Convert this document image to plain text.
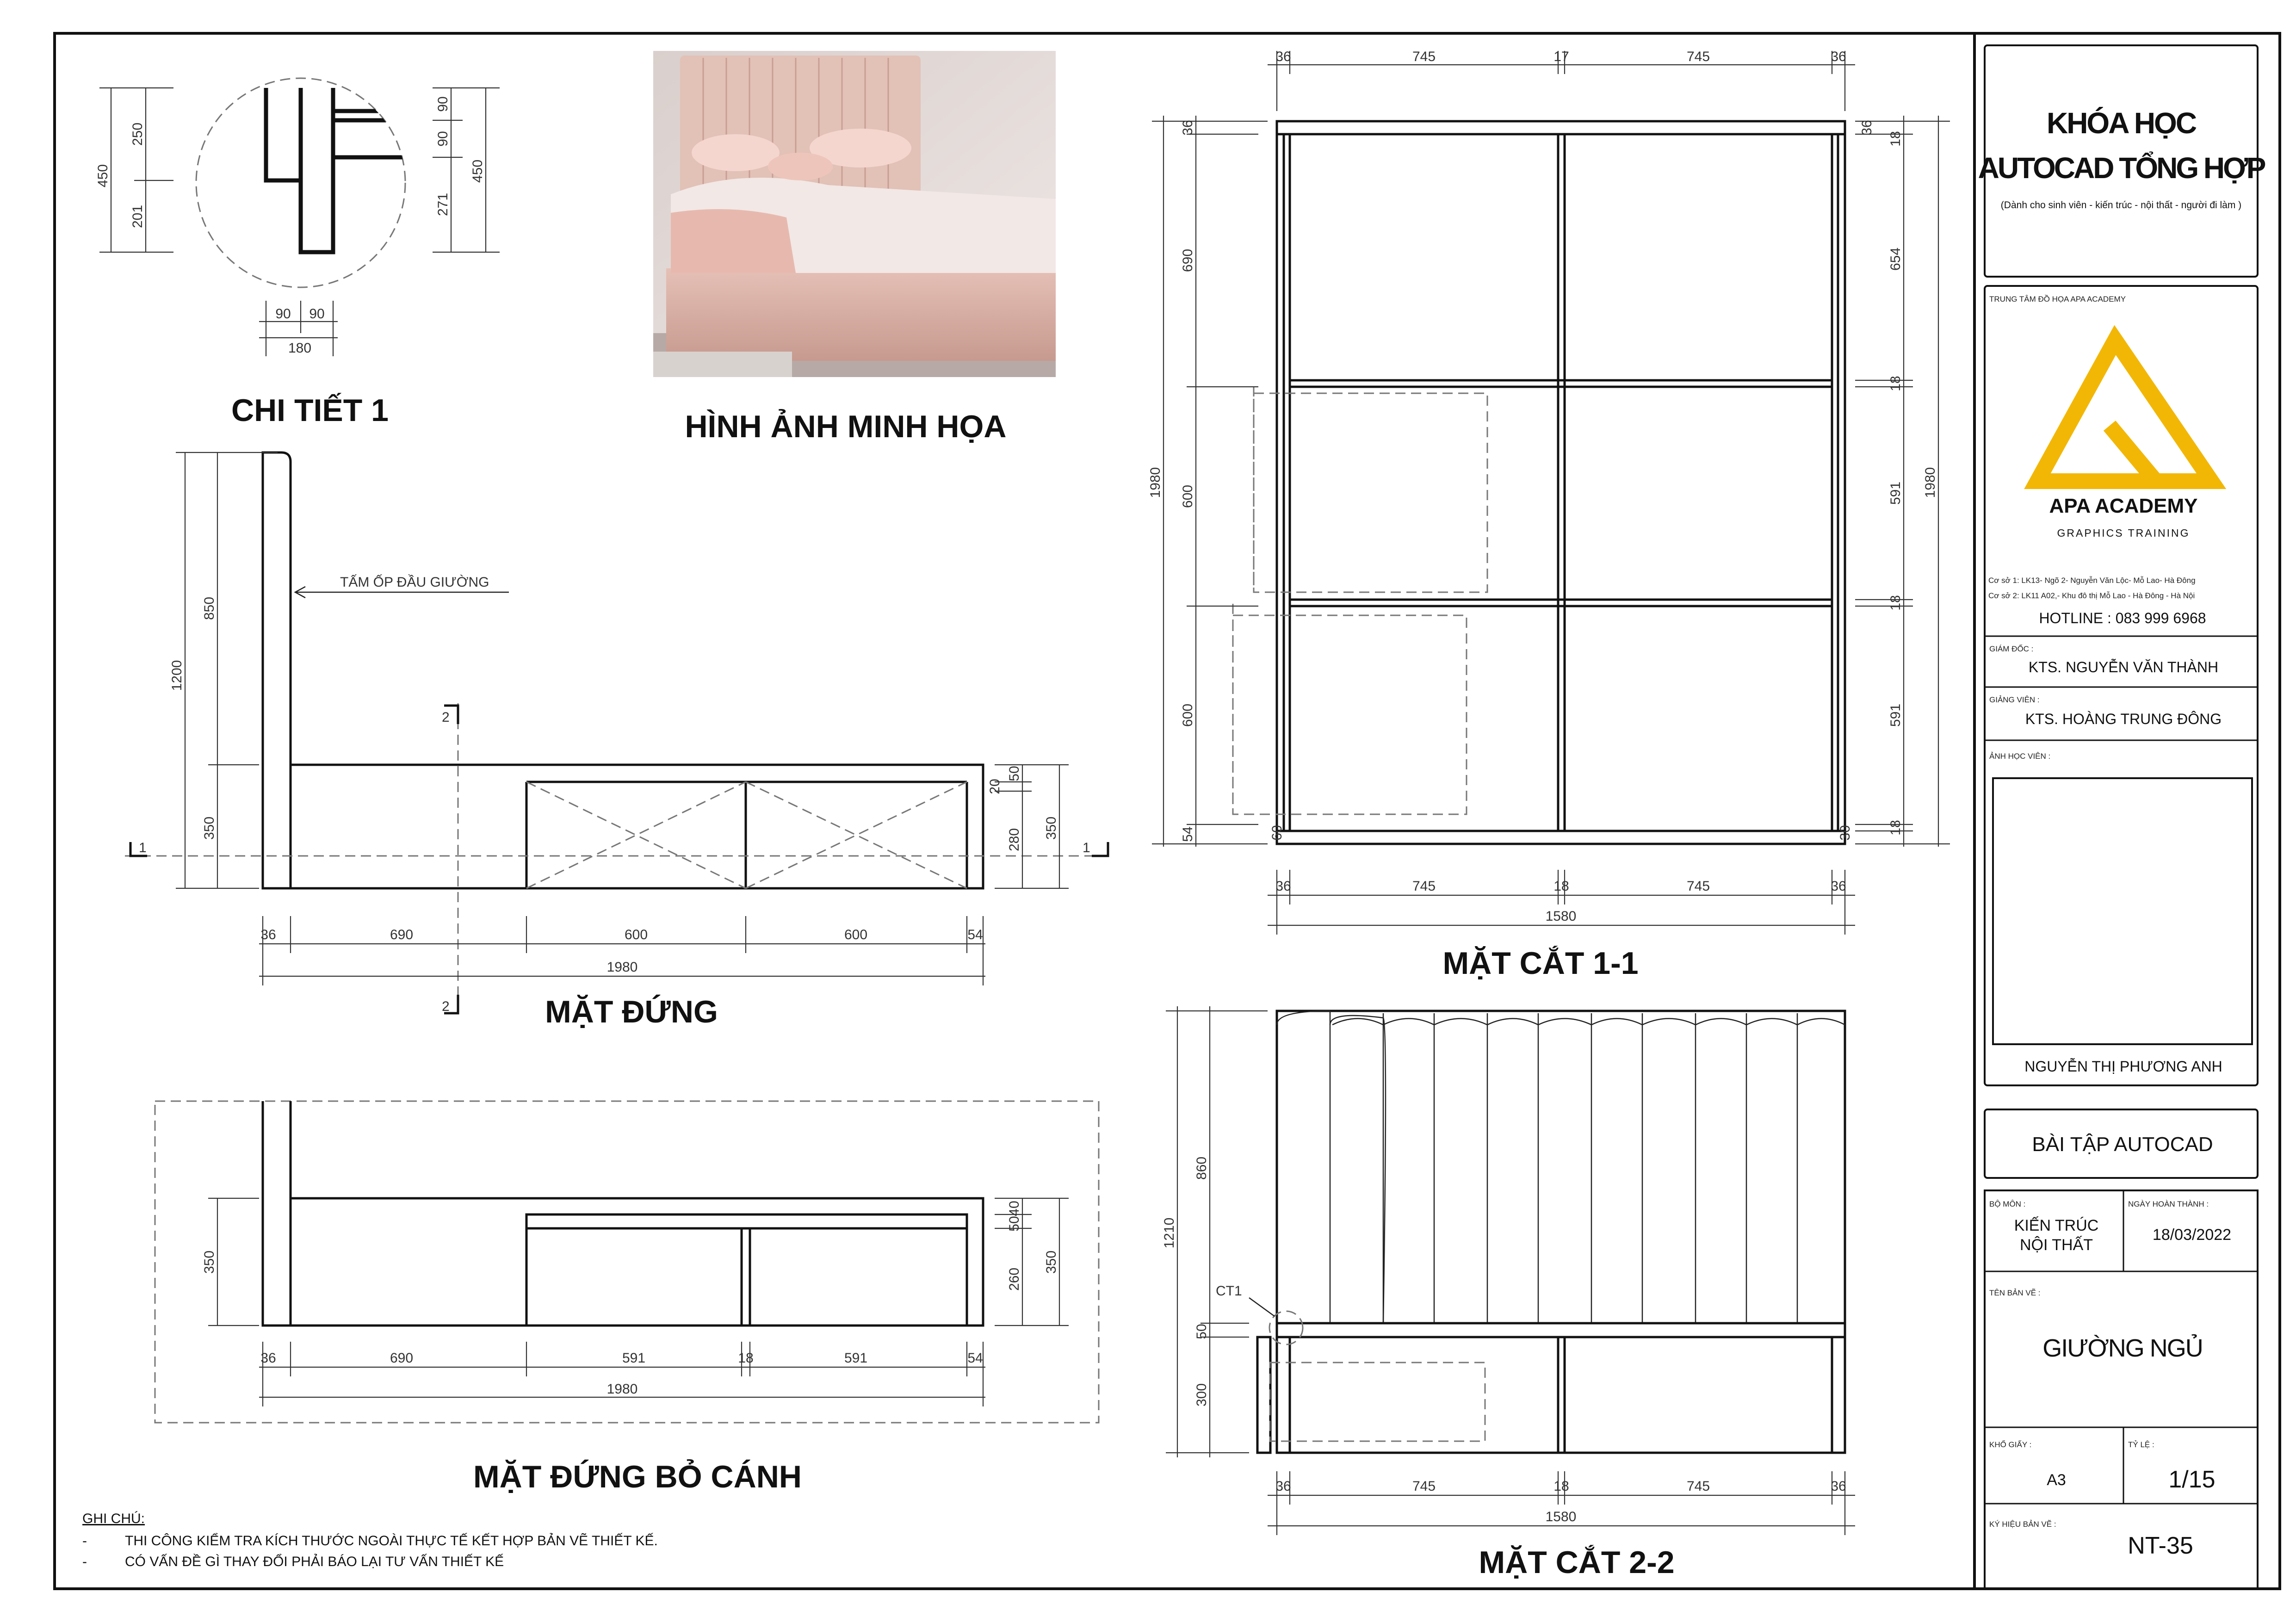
450
250
201
90
90
271
450
90 90
180
CHI TIẾT 1	HÌNH ẢNH MINH HỌA
1	1
2
2
TẤM ỐP ĐẦU GIƯỜNG
1200
850
350
50
20
280 350
36	690	600	600	54
1980
MẶT ĐỨNG
350
40
50
260
350
36	690	591	18	591	54
1980
MẶT ĐỨNG BỎ CÁNH
GHI CHÚ:
-	THI CÔNG KIỂM TRA KÍCH THƯỚC NGOÀI THỰC TẾ KẾT HỢP BẢN VẼ THIẾT KẾ.
-	CÓ VẤN ĐỀ GÌ THAY ĐỔI PHẢI BÁO LẠI TƯ VẤN THIẾT KẾ
36	745	17	745	36
36
690
600
600
54
1980
36
18
654
18
591
18
591
18
1980
60	30
36	745	18	745	36
1580
MẶT CẮT 1-1
CT1
860
1210
50
300
36	745	18	745	36
1580
MẶT CẮT 2-2
KHÓA HỌC
AUTOCAD TỔNG HỢP
(Dành cho sinh viên - kiến trúc - nội thất - người đi làm )
TRUNG TÂM ĐỒ HỌA APA ACADEMY
APA ACADEMY
GRAPHICS TRAINING
Cơ sở 1: LK13- Ngõ 2- Nguyễn Văn Lộc- Mỗ Lao- Hà Đông
Cơ sở 2: LK11 A02,- Khu đô thị Mỗ Lao - Hà Đông - Hà Nội
HOTLINE : 083 999 6968
GIÁM ĐỐC :
KTS. NGUYỄN VĂN THÀNH
GIẢNG VIÊN :
KTS. HOÀNG TRUNG ĐÔNG
ẢNH HỌC VIÊN :
NGUYỄN THỊ PHƯƠNG ANH
BÀI TẬP AUTOCAD
BỘ MÔN :
KIẾN TRÚC
NỘI THẤT
NGÀY HOÀN THÀNH :
18/03/2022
TÊN BẢN VẼ :
GIƯỜNG NGỦ
KHỔ GIẤY :
A3
TỶ LỆ :
1/15
KÝ HIỆU BẢN VẼ :
NT-35
